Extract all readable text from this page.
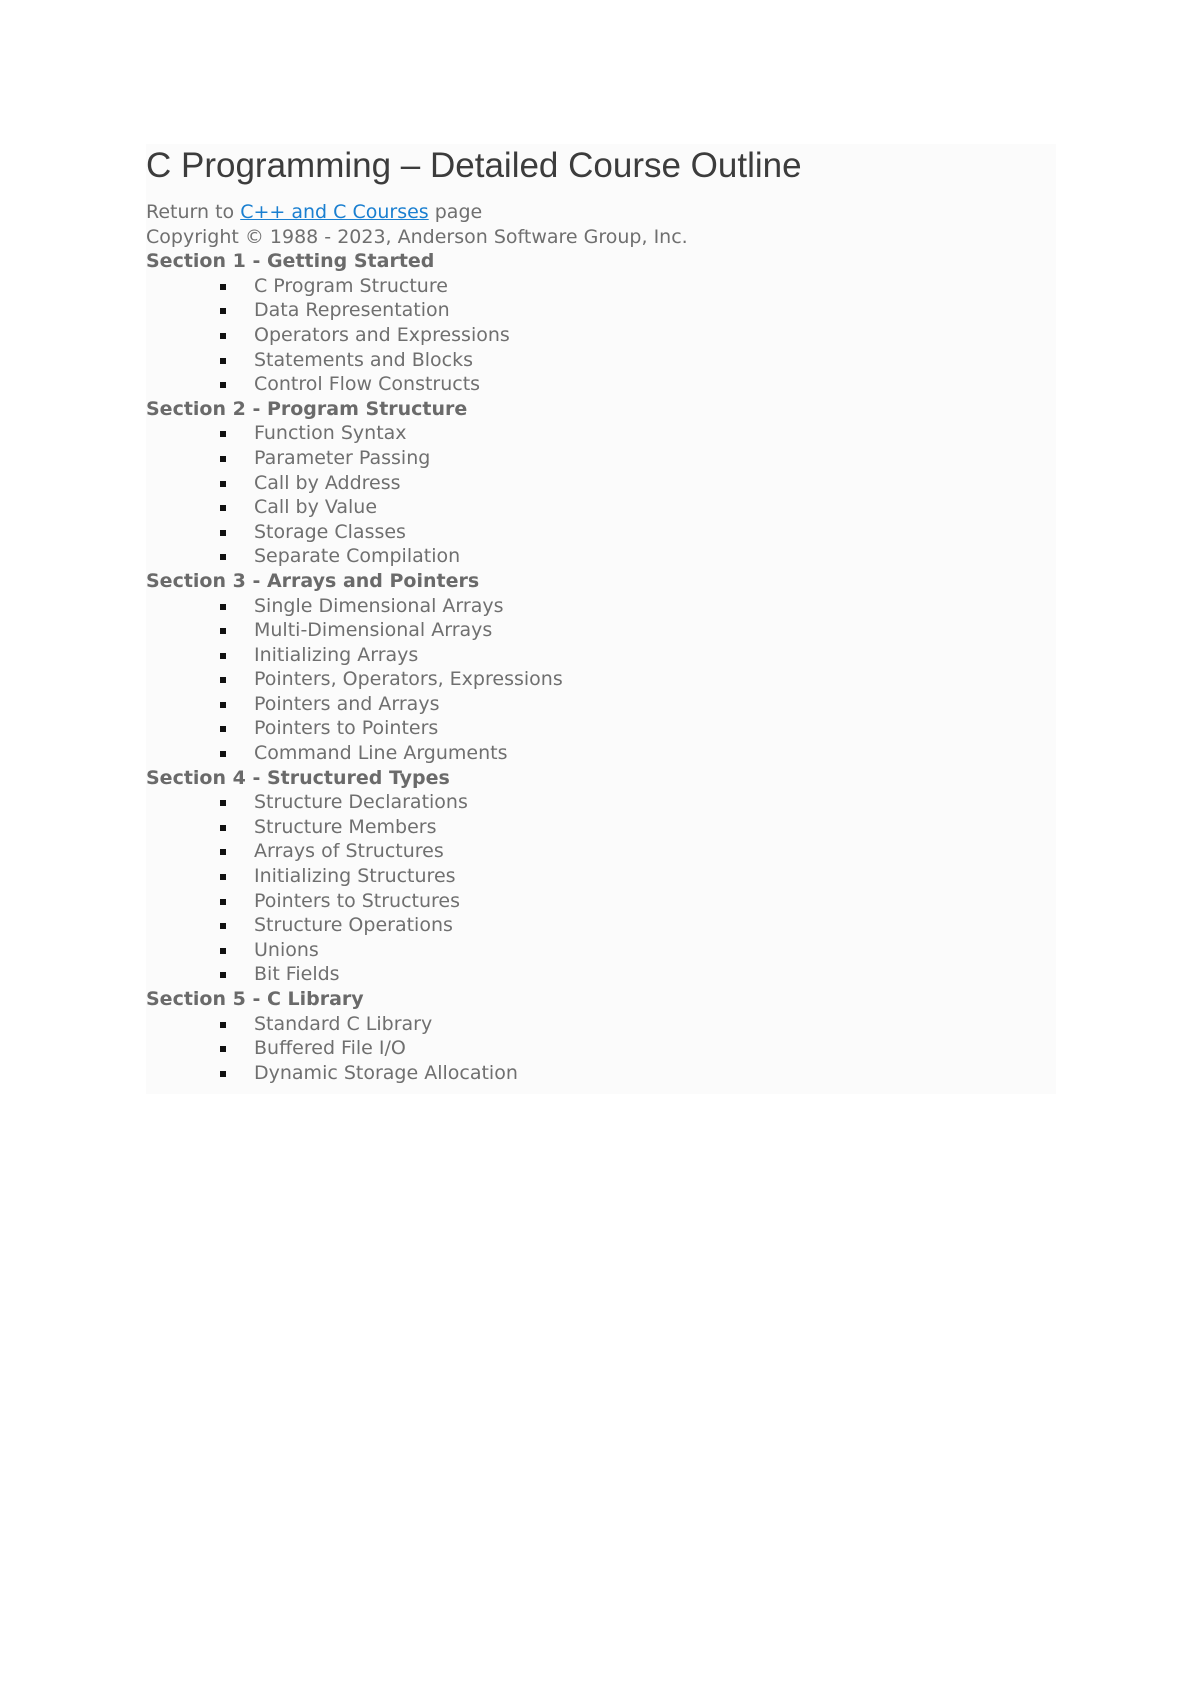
C Programming – Detailed Course Outline
Return to C++ and C Courses page
Copyright © 1988 - 2023, Anderson Software Group, Inc.
Section 1 - Getting Started
C Program Structure
Data Representation
Operators and Expressions
Statements and Blocks
Control Flow Constructs
Section 2 - Program Structure
Function Syntax
Parameter Passing
Call by Address
Call by Value
Storage Classes
Separate Compilation
Section 3 - Arrays and Pointers
Single Dimensional Arrays
Multi-Dimensional Arrays
Initializing Arrays
Pointers, Operators, Expressions
Pointers and Arrays
Pointers to Pointers
Command Line Arguments
Section 4 - Structured Types
Structure Declarations
Structure Members
Arrays of Structures
Initializing Structures
Pointers to Structures
Structure Operations
Unions
Bit Fields
Section 5 - C Library
Standard C Library
Buffered File I/O
Dynamic Storage Allocation
